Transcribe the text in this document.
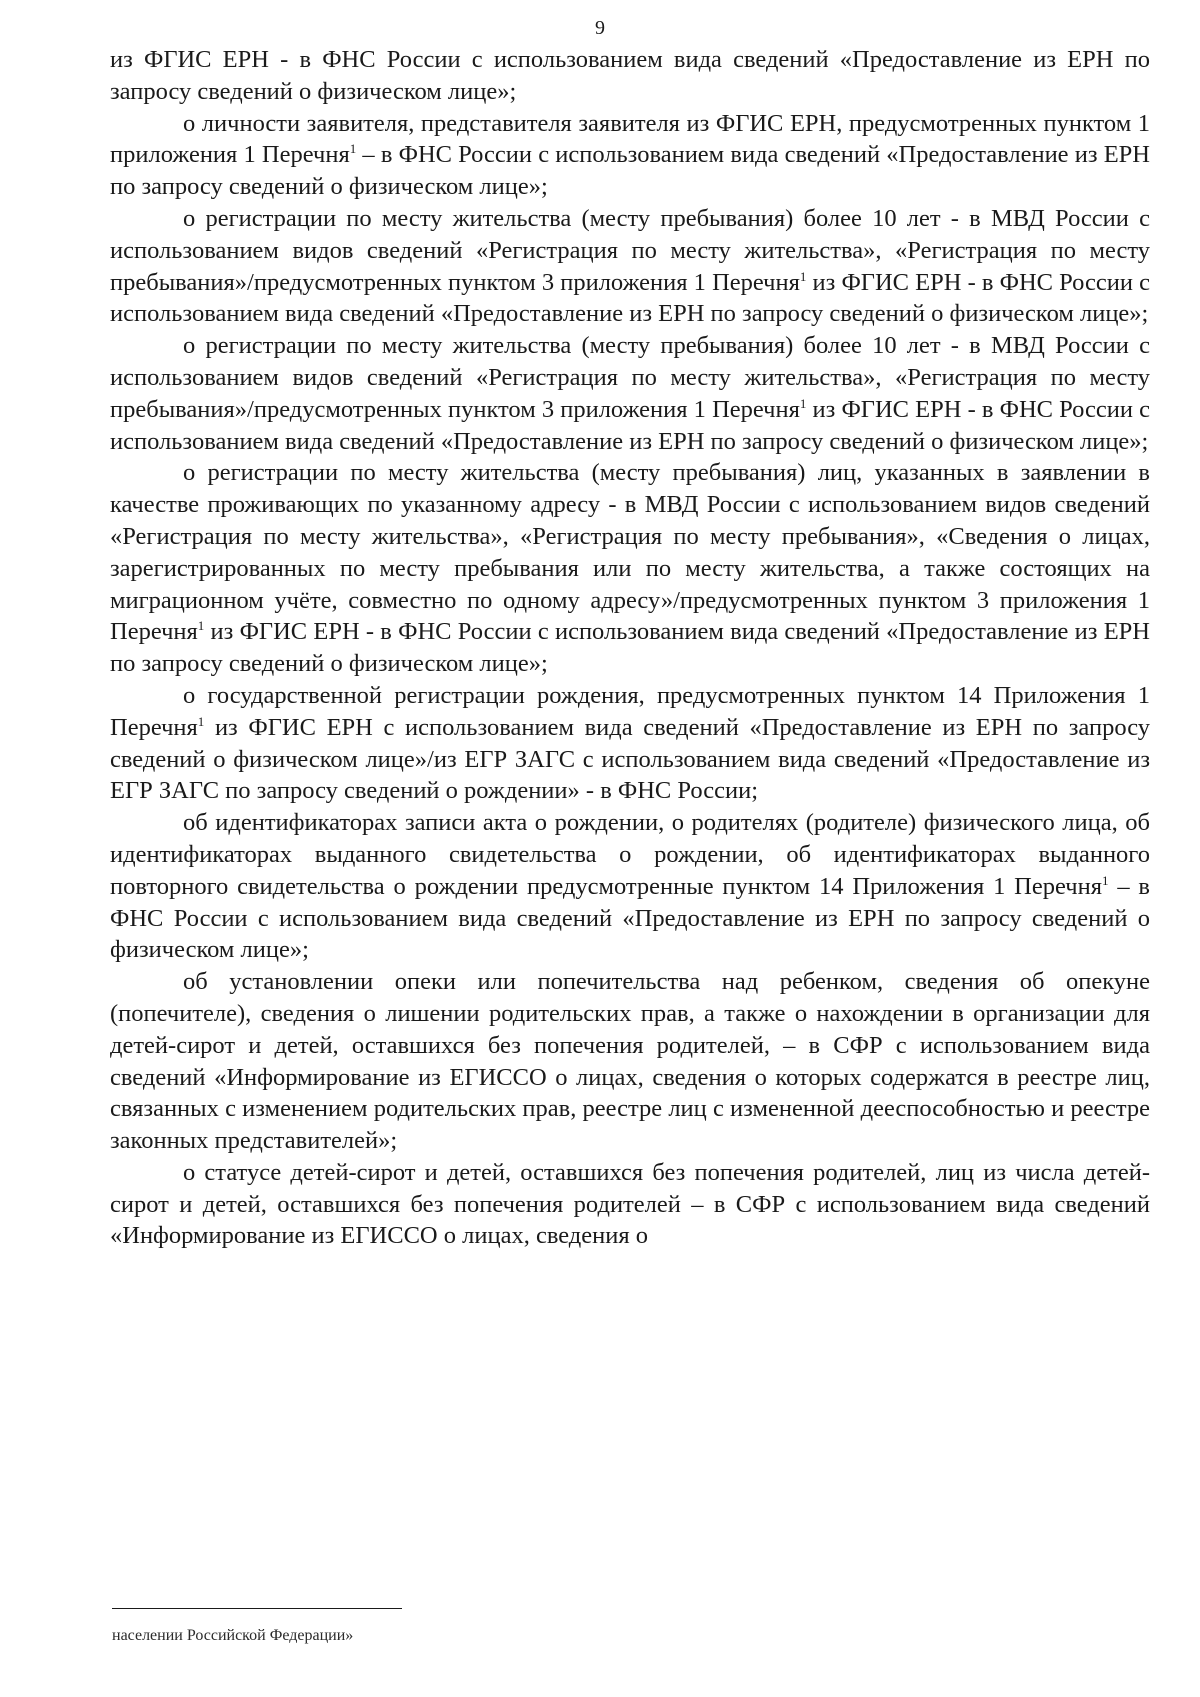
9

из ФГИС ЕРН - в ФНС России с использованием вида сведений «Предоставление из ЕРН по запросу сведений о физическом лице»;

о личности заявителя, представителя заявителя из ФГИС ЕРН, предусмотренных пунктом 1 приложения 1 Перечня$^1$ – в ФНС России с использованием вида сведений «Предоставление из ЕРН по запросу сведений о физическом лице»;

о регистрации по месту жительства (месту пребывания) более 10 лет - в МВД России с использованием видов сведений «Регистрация по месту жительства», «Регистрация по месту пребывания»/предусмотренных пунктом 3 приложения 1 Перечня$^1$ из ФГИС ЕРН - в ФНС России с использованием вида сведений «Предоставление из ЕРН по запросу сведений о физическом лице»;

о регистрации по месту жительства (месту пребывания) более 10 лет - в МВД России с использованием видов сведений «Регистрация по месту жительства», «Регистрация по месту пребывания»/предусмотренных пунктом 3 приложения 1 Перечня$^1$ из ФГИС ЕРН - в ФНС России с использованием вида сведений «Предоставление из ЕРН по запросу сведений о физическом лице»;

о регистрации по месту жительства (месту пребывания) лиц, указанных в заявлении в качестве проживающих по указанному адресу - в МВД России с использованием видов сведений «Регистрация по месту жительства», «Регистрация по месту пребывания», «Сведения о лицах, зарегистрированных по месту пребывания или по месту жительства, а также состоящих на миграционном учёте, совместно по одному адресу»/предусмотренных пунктом 3 приложения 1 Перечня$^1$ из ФГИС ЕРН - в ФНС России с использованием вида сведений «Предоставление из ЕРН по запросу сведений о физическом лице»;

о государственной регистрации рождения, предусмотренных пунктом 14 Приложения 1 Перечня$^1$ из ФГИС ЕРН с использованием вида сведений «Предоставление из ЕРН по запросу сведений о физическом лице»/из ЕГР ЗАГС с использованием вида сведений «Предоставление из ЕГР ЗАГС по запросу сведений о рождении» - в ФНС России;

об идентификаторах записи акта о рождении, о родителях (родителе) физического лица, об идентификаторах выданного свидетельства о рождении, об идентификаторах выданного повторного свидетельства о рождении предусмотренные пунктом 14 Приложения 1 Перечня$^1$ – в ФНС России с использованием вида сведений «Предоставление из ЕРН по запросу сведений о физическом лице»;

об установлении опеки или попечительства над ребенком, сведения об опекуне (попечителе), сведения о лишении родительских прав, а также о нахождении в организации для детей-сирот и детей, оставшихся без попечения родителей, – в СФР с использованием вида сведений «Информирование из ЕГИССО о лицах, сведения о которых содержатся в реестре лиц, связанных с изменением родительских прав, реестре лиц с измененной дееспособностью и реестре законных представителей»;

о статусе детей-сирот и детей, оставшихся без попечения родителей, лиц из числа детей-сирот и детей, оставшихся без попечения родителей – в СФР с использованием вида сведений «Информирование из ЕГИССО о лицах, сведения о

населении Российской Федерации»
